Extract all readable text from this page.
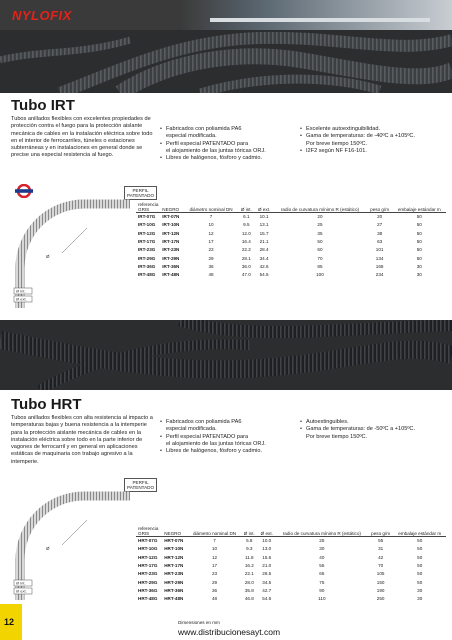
NYLOFIX
Tubo IRT
Tubos anillados flexibles con excelentes propiedades de protección contra el fuego para la protección aislante mecánica de cables en la instalación eléctrica sobre todo en el interior de ferrocarriles, túneles o estaciones subterráneas y en instalaciones en general donde se precise una especial resistencia al fuego.
• Fabricados con poliamida PA6
especial modificada.
• Perfil especial PATENTADO para
el alojamiento de las juntas tóricas ORJ.
• Libres de halógenos, fósforo y cadmio.
• Excelente autoextinguibilidad.
• Gama de temperaturas: de -40ºC a +105ºC.
Por breve tiempo 150ºC.
• I2F2 según NF F16-101.
PERFIL
PATENTADO
Ø
Ø int.
Ø ext.
referencia							
GRIS	NEGRO	diámetro nominal DN	Ø int.	Ø ext.	radio de curvatura mínimo R (estático)	peso g/m	embalaje estándar m
IRT-07G	IRT-07N	7	6.1	10.1	20	20	50
IRT-10G	IRT-10N	10	9.5	13.1	25	27	50
IRT-12G	IRT-12N	12	12.0	15.7	35	38	50
IRT-17G	IRT-17N	17	16.4	21.1	50	63	50
IRT-23G	IRT-23N	23	22.2	28.4	60	101	50
IRT-29G	IRT-29N	29	28.1	34.4	70	134	50
IRT-36G	IRT-36N	36	36.0	42.6	85	168	30
IRT-48G	IRT-48N	48	47.0	54.5	100	234	30
Tubo HRT
Tubos anillados flexibles con alta resistencia al impacto a temperaturas bajas y buena resistencia a la intemperie para la protección aislante mecánica de cables en la instalación eléctrica sobre todo en la parte inferior de vagones de ferrocarril y en general en aplicaciones estáticas de maquinaria con trabajo agresivo a la intemperie.
• Fabricados con poliamida PA6
especial modificada.
• Perfil especial PATENTADO para
el alojamiento de las juntas tóricas ORJ.
• Libres de halógenos, fósforo y cadmio.
• Autoextinguibles.
• Gama de temperaturas: de -50ºC a +105ºC.
Por breve tiempo 150ºC.
PERFIL
PATENTADO
Ø
Ø int.
Ø ext.
referencia							
GRIS	NEGRO	diámetro nominal DN	Ø int.	Ø ext.	radio de curvatura mínimo R (estático)	peso g/m	embalaje estándar m
HRT-07G	HRT-07N	7	5.8	10.0	25	55	50
HRT-10G	HRT-10N	10	9.3	13.0	30	31	50
HRT-12G	HRT-12N	12	11.8	15.6	40	42	50
HRT-17G	HRT-17N	17	16.2	21.0	55	70	50
HRT-23G	HRT-23N	23	22.1	28.5	65	105	50
HRT-29G	HRT-29N	29	28.0	34.5	75	150	50
HRT-36G	HRT-36N	36	35.8	42.7	90	190	30
HRT-48G	HRT-48N	48	46.8	54.6	110	250	30
12	Dimensiones en mm
www.distribucionesayt.com
